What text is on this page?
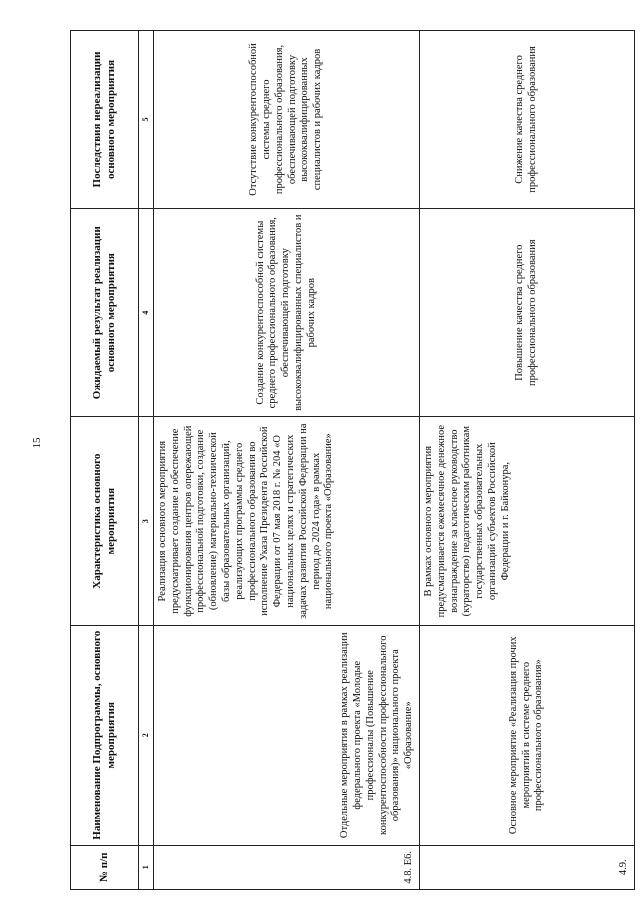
15
№ п/п	Наименование Подпрограммы, основного мероприятия	Характеристика основного мероприятия	Ожидаемый результат реализации основного мероприятия	Последствия нереализации основного мероприятия
1	2	3	4	5
4.8. Е6.	Отдельные мероприятия в рамках реализации федерального проекта «Молодые профессионалы (Повышение конкурентоспособности профессионального образования)» национального проекта «Образование»	Реализация основного мероприятия предусматривает создание и обеспечение функционирования центров опережающей профессиональной подготовки, создание (обновление) материально-технической базы образовательных организаций, реализующих программы среднего профессионального образования во исполнение Указа Президента Российской Федерации от 07 мая 2018 г. № 204 «О национальных целях и стратегических задачах развития Российской Федерации на период до 2024 года» в рамках национального проекта «Образование»	Создание конкурентоспособной системы среднего профессионального образования, обеспечивающей подготовку высококвалифицированных специалистов и рабочих кадров	Отсутствие конкурентоспособной системы среднего профессионального образования, обеспечивающей подготовку высококвалифицированных специалистов и рабочих кадров
4.9.	Основное мероприятие «Реализация прочих мероприятий в системе среднего профессионального образования»	В рамках основного мероприятия предусматривается ежемесячное денежное вознаграждение за классное руководство (кураторство) педагогическим работникам государственных образовательных организаций субъектов Российской Федерации и г. Байконура,	Повышение качества среднего профессионального образования	Снижение качества среднего профессионального образования
